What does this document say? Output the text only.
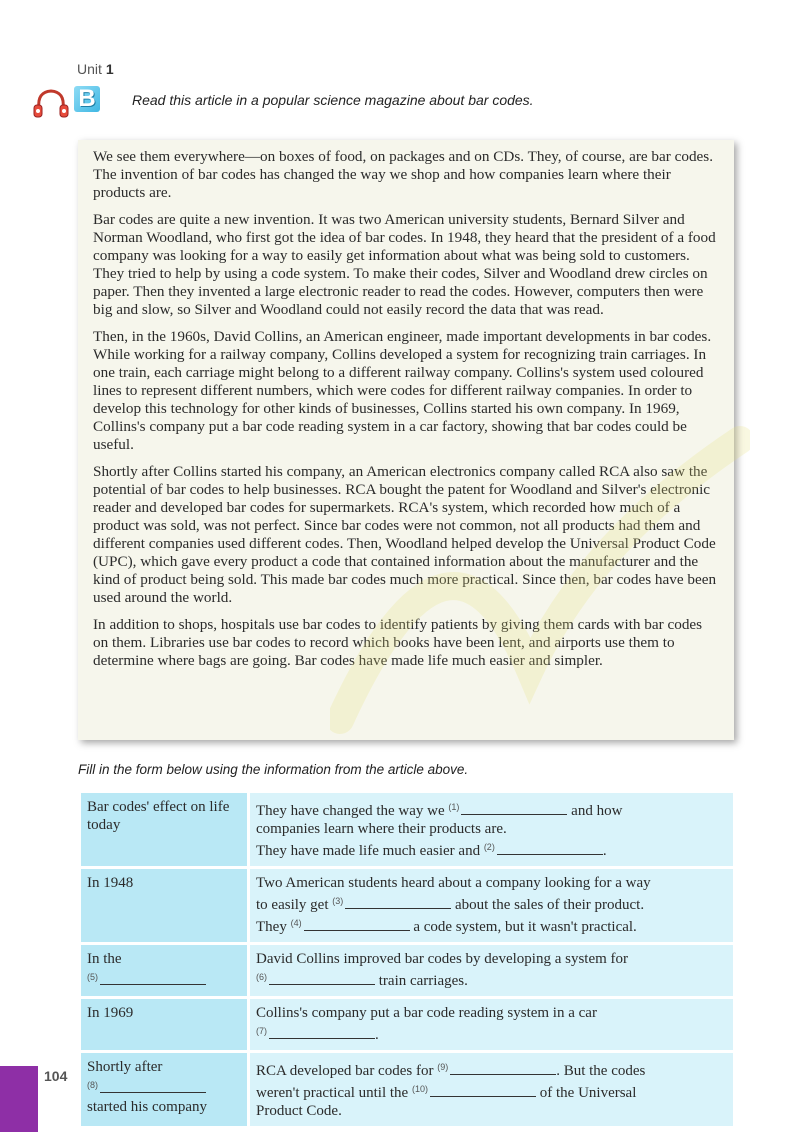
Unit 1
B	Read this article in a popular science magazine about bar codes.

We see them everywhere—on boxes of food, on packages and on CDs. They, of course, are bar codes. The invention of bar codes has changed the way we shop and how companies learn where their products are.

Bar codes are quite a new invention. It was two American university students, Bernard Silver and Norman Woodland, who first got the idea of bar codes. In 1948, they heard that the president of a food company was looking for a way to easily get information about what was being sold to customers. They tried to help by using a code system. To make their codes, Silver and Woodland drew circles on paper. Then they invented a large electronic reader to read the codes. However, computers then were big and slow, so Silver and Woodland could not easily record the data that was read.

Then, in the 1960s, David Collins, an American engineer, made important developments in bar codes. While working for a railway company, Collins developed a system for recognizing train carriages. In one train, each carriage might belong to a different railway company. Collins's system used coloured lines to represent different numbers, which were codes for different railway companies. In order to develop this technology for other kinds of businesses, Collins started his own company. In 1969, Collins's company put a bar code reading system in a car factory, showing that bar codes could be useful.

Shortly after Collins started his company, an American electronics company called RCA also saw the potential of bar codes to help businesses. RCA bought the patent for Woodland and Silver's electronic reader and developed bar codes for supermarkets. RCA's system, which recorded how much of a product was sold, was not perfect. Since bar codes were not common, not all products had them and different companies used different codes. Then, Woodland helped develop the Universal Product Code (UPC), which gave every product a code that contained information about the manufacturer and the kind of product being sold. This made bar codes much more practical. Since then, bar codes have been used around the world.

In addition to shops, hospitals use bar codes to identify patients by giving them cards with bar codes on them. Libraries use bar codes to record which books have been lent, and airports use them to determine where bags are going. Bar codes have made life much easier and simpler.

Fill in the form below using the information from the article above.
Bar codes' effect on life today	They have changed the way we $^{(1)}$ and how
companies learn where their products are.
They have made life much easier and $^{(2)}$ .
In 1948	Two American students heard about a company looking for a way
to easily get $^{(3)}$ about the sales of their product.
They $^{(4)}$ a code system, but it wasn't practical.
In the
$^{(5)}$	David Collins improved bar codes by developing a system for
$^{(6)}$ train carriages.
In 1969	Collins's company put a bar code reading system in a car
$^{(7)}$ .
Shortly after
$^{(8)}$
started his company	RCA developed bar codes for $^{(9)}$ . But the codes
weren't practical until the $^{(10)}$ of the Universal
Product Code.
104
